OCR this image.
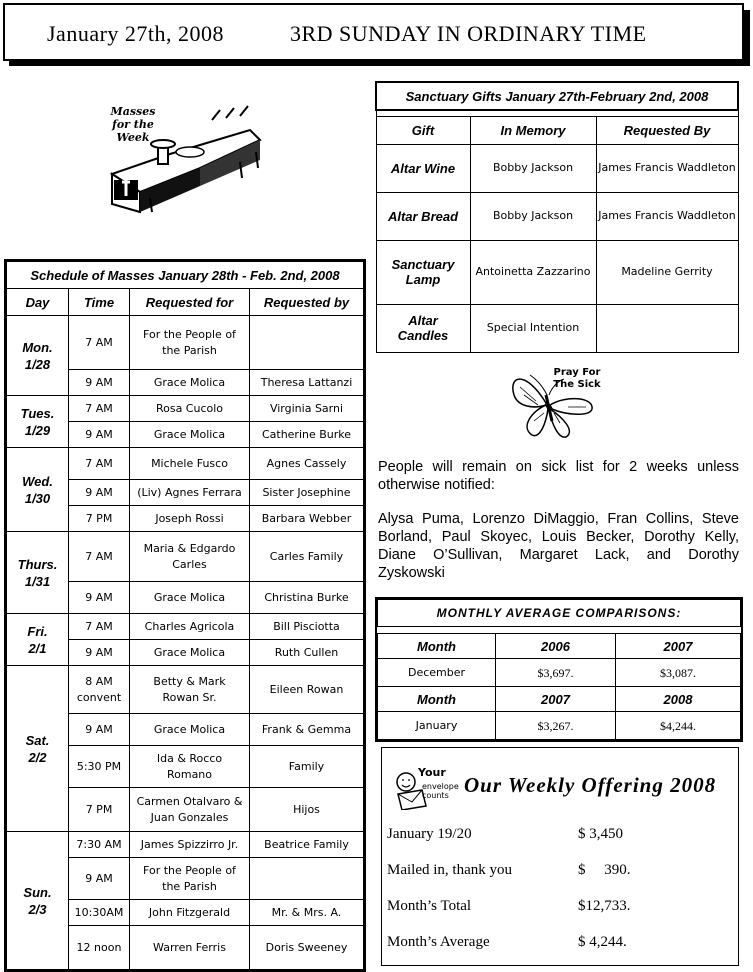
January 27th, 2008	3RD SUNDAY IN ORDINARY TIME
Masses
for the
Week
Schedule of Masses January 28th - Feb. 2nd, 2008			
Day	Time	Requested for	Requested by

Mon.
1/28	7 AM	For the People of the Parish	
	9 AM	Grace Molica	Theresa Lattanzi

Tues.
1/29	7 AM	Rosa Cucolo	Virginia Sarni
	9 AM	Grace Molica	Catherine Burke

Wed.
1/30	7 AM	Michele Fusco	Agnes Cassely
	9 AM	(Liv) Agnes Ferrara	Sister Josephine
	7 PM	Joseph Rossi	Barbara Webber

Thurs.
1/31	7 AM	Maria & Edgardo Carles	Carles Family
	9 AM	Grace Molica	Christina Burke

Fri.
2/1	7 AM	Charles Agricola	Bill Pisciotta
	9 AM	Grace Molica	Ruth Cullen

Sat.
2/2	8 AM convent	Betty & Mark Rowan Sr.	Eileen Rowan
	9 AM	Grace Molica	Frank & Gemma
	5:30 PM	Ida & Rocco Romano	Family
	7 PM	Carmen Otalvaro & Juan Gonzales	Hijos

Sun.
2/3	7:30 AM	James Spizzirro Jr.	Beatrice Family
	9 AM	For the People of the Parish	
	10:30AM	John Fitzgerald	Mr. & Mrs. A.
	12 noon	Warren Ferris	Doris Sweeney
Sanctuary Gifts January 27th-February 2nd, 2008		

Gift	In Memory	Requested By
Altar Wine	Bobby Jackson	James Francis Waddleton
Altar Bread	Bobby Jackson	James Francis Waddleton
Sanctuary Lamp	Antoinetta Zazzarino	Madeline Gerrity
Altar Candles	Special Intention	
Pray For
The Sick

People will remain on sick list for 2 weeks unless otherwise notified:

Alysa Puma, Lorenzo DiMaggio, Fran Collins, Steve Borland, Paul Skoyec, Louis Becker, Dorothy Kelly, Diane O’Sullivan, Margaret Lack, and Dorothy Zyskowski

MONTHLY AVERAGE COMPARISONS:		

Month	2006	2007
December	$3,697.	$3,087.
Month	2007	2008
January	$3,267.	$4,244.
Your
envelope
counts Our Weekly Offering 2008
January 19/20	$ 3,450
Mailed in, thank you	$     390.
Month’s Total	$12,733.
Month’s Average	$ 4,244.
